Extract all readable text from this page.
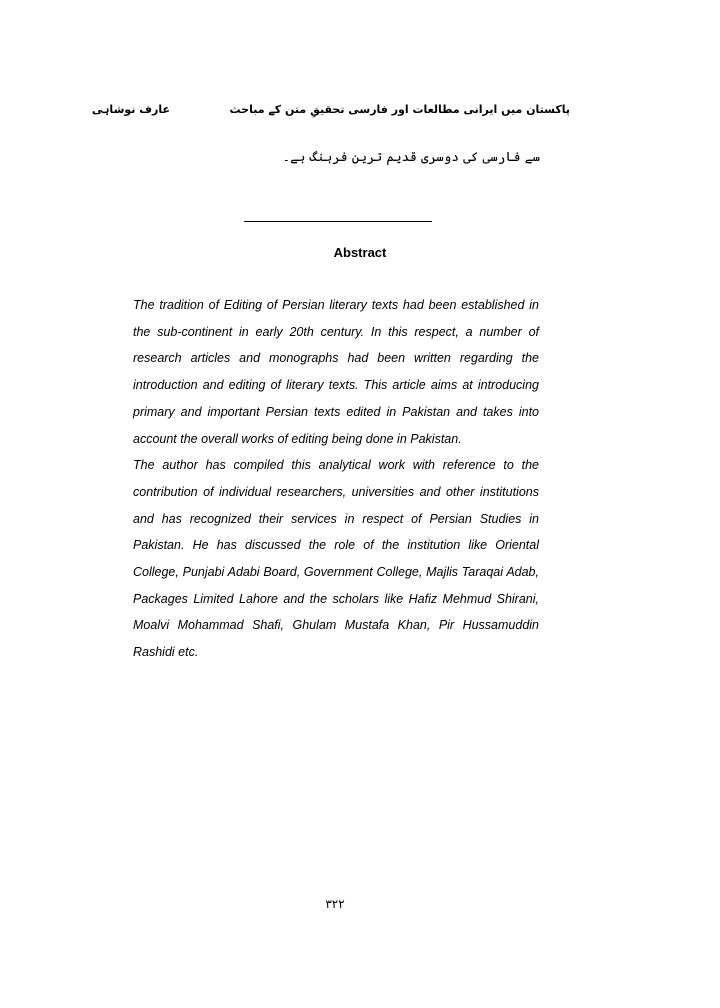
پاکستان میں ایرانی مطالعات اور فارسی تحقیقِ متن کے مباحث
عارف نوشاہی
سے فارسی کی دوسری قدیم ترین فرہنگ ہے۔
Abstract

The tradition of Editing of Persian literary texts had been established in the sub-continent in early 20th century. In this respect, a number of research articles and monographs had been written regarding the introduction and editing of literary texts. This article aims at introducing primary and important Persian texts edited in Pakistan and takes into account the overall works of editing being done in Pakistan.

The author has compiled this analytical work with reference to the contribution of individual researchers, universities and other institutions and has recognized their services in respect of Persian Studies in Pakistan. He has discussed the role of the institution like Oriental College, Punjabi Adabi Board, Government College, Majlis Taraqai Adab, Packages Limited Lahore and the scholars like Hafiz Mehmud Shirani, Moalvi Mohammad Shafi, Ghulam Mustafa Khan, Pir Hussamuddin Rashidi etc.

۳۲۲
